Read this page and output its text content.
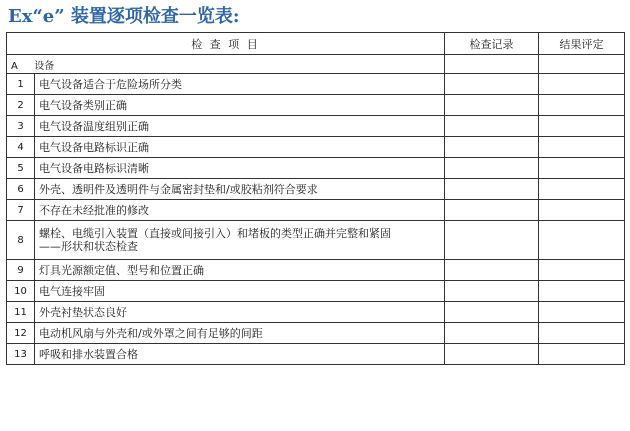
Ex“e” 装置逐项检查一览表:
检 查 项 目		检查记录	结果评定
A 设备			
1	电气设备适合于危险场所分类		

2	电气设备类别正确		

3	电气设备温度组别正确		

4	电气设备电路标识正确		

5	电气设备电路标识清晰		

6	外壳、透明件及透明件与金属密封垫和/或胶粘剂符合要求		

7	不存在未经批准的修改		

8	螺栓、电缆引入装置（直接或间接引入）和堵板的类型正确并完整和紧固
——形状和状态检查		

9	灯具光源额定值、型号和位置正确		

10	电气连接牢固		

11	外壳衬垫状态良好		

12	电动机风扇与外壳和/或外罩之间有足够的间距		

13	呼吸和排水装置合格		
